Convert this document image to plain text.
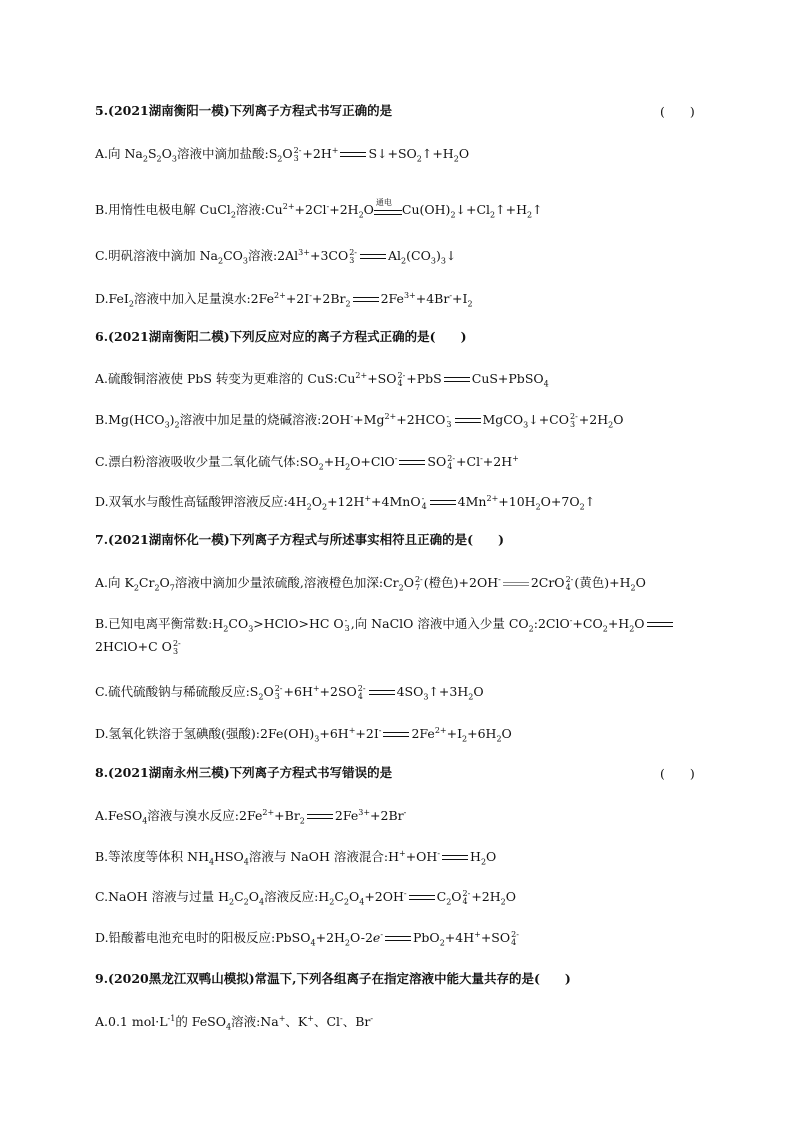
5.(2021湖南衡阳一模)下列离子方程式书写正确的是	(　　)
A.向 $Na_2S_2O_3$溶液中滴加盐酸$:S_2O$ 2-
3 +2H+ $S↓+SO_2↑+H_2O$
B.用惰性电极电解 CuCl$_2$溶液$:Cu^{2+}+2Cl^-+2H_2O$ 通电 $Cu(OH)_2↓+Cl_2↑+H_2↑$
C.明矾溶液中滴加 $Na_2CO_3$溶液$:2Al^{3+}+3CO$ 2-
3	$Al_2(CO_3)_3↓$
D.FeI$_2$溶液中加入足量溴水$:2Fe^{2+}+2I^-+2Br_2$ $2Fe^{3+}+4Br^-+I_2$
6.(2021湖南衡阳二模)下列反应对应的离子方程式正确的是(　　)
A.硫酸铜溶液使 PbS 转变为更难溶的 $CuS:Cu^{2+}+SO$ 2-
4 +PbS CuS+PbSO$_4$
$B.Mg(HCO_3)_2$溶液中加足量的烧碱溶液$:2OH^-+Mg^{2+}+2HCO$ -
3 MgCO$_3$↓+CO 2-
$3 +2H_2O$
C.漂白粉溶液吸收少量二氧化硫气体$:SO_2+H_2O+ClO^-$ SO 2-
4 +Cl-+2H+
D.双氧水与酸性高锰酸钾溶液反应$:4H_2O_2+12H^++4MnO$ -
4 $4Mn^{2+}+10H_2O+7O_2↑$
7.(2021湖南怀化一模)下列离子方程式与所述事实相符且正确的是(　　)
A.向 $K_2Cr_2O_7$溶液中滴加少量浓硫酸,溶液橙色加深$:Cr_2O$ 2-
7 (橙色)+2OH- 2CrO 2-
4 (黄色)$+H_2O$
B.已知电离平衡常数$:H_2CO_3>HClO>HC$ O -
3 ,向 NaClO 溶液中通入少量 $CO_2:2ClO^-+CO_2+H_2O$
2HClO+C O 2-
3
C.硫代硫酸钠与稀硫酸反应$:S_2O$ 2-
3 +6H++2SO 2-
4	$4SO_3↑+3H_2O$
D.氢氧化铁溶于氢碘酸(强酸)$:2Fe(OH)_3+6H^++2I^-$ $2Fe^{2+}+I_2+6H_2O$
8.(2021湖南永州三模)下列离子方程式书写错误的是	(　　)
A.FeSO$_4$溶液与溴水反应$:2Fe^{2+}+Br_2$ $2Fe^{3+}+2Br^-$
B.等浓度等体积 $NH_4HSO_4$溶液与 NaOH 溶液混合:H++OH- $H_2O$
C.NaOH 溶液与过量 $H_2C_2O_4$溶液反应$:H_2C_2O_4+2OH^-$ $C_2O$ 2-
$4 +2H_2O$
D.铅酸蓄电池充电时的阳极反应$:PbSO_4+2H_2O-2e^-$ PbO$_2$+4H++SO 2-
4
9.(2020黑龙江双鸭山模拟)常温下,下列各组离子在指定溶液中能大量共存的是(　　)
A.0.1 $mol\cdot L^{-1}$的 FeSO$_4$溶液:Na+、K+、Cl-、Br-
